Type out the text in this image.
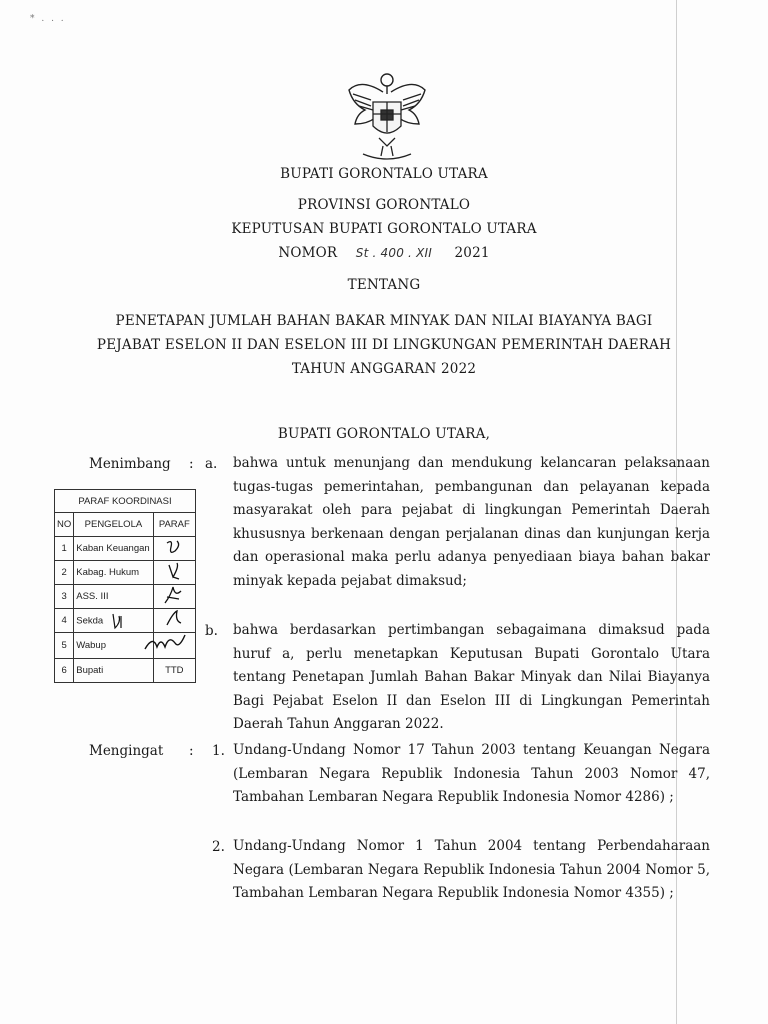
* . . .
BUPATI GORONTALO UTARA
PROVINSI GORONTALO
KEPUTUSAN BUPATI GORONTALO UTARA
NOMOR St . 400 . XII 2021
TENTANG
PENETAPAN JUMLAH BAHAN BAKAR MINYAK DAN NILAI BIAYANYA BAGI
PEJABAT ESELON II DAN ESELON III DI LINGKUNGAN PEMERINTAH DAERAH
TAHUN ANGGARAN 2022
BUPATI GORONTALO UTARA,
Menimbang : a. bahwa untuk menunjang dan mendukung kelancaran pelaksanaan tugas-tugas pemerintahan, pembangunan dan pelayanan kepada masyarakat oleh para pejabat di lingkungan Pemerintah Daerah khususnya berkenaan dengan perjalanan dinas dan kunjungan kerja dan operasional maka perlu adanya penyediaan biaya bahan bakar minyak kepada pejabat dimaksud;
b. bahwa berdasarkan pertimbangan sebagaimana dimaksud pada huruf a, perlu menetapkan Keputusan Bupati Gorontalo Utara tentang Penetapan Jumlah Bahan Bakar Minyak dan Nilai Biayanya Bagi Pejabat Eselon II dan Eselon III di Lingkungan Pemerintah Daerah Tahun Anggaran 2022.
Mengingat : 1. Undang-Undang Nomor 17 Tahun 2003 tentang Keuangan Negara (Lembaran Negara Republik Indonesia Tahun 2003 Nomor 47, Tambahan Lembaran Negara Republik Indonesia Nomor 4286) ;
2. Undang-Undang Nomor 1 Tahun 2004 tentang Perbendaharaan Negara (Lembaran Negara Republik Indonesia Tahun 2004 Nomor 5, Tambahan Lembaran Negara Republik Indonesia Nomor 4355) ;
PARAF KOORDINASI		
NO	PENGELOLA	PARAF
1	Kaban Keuangan	
2	Kabag. Hukum	
3	ASS. III	
4	Sekda	
5	Wabup	
6	Bupati	TTD
